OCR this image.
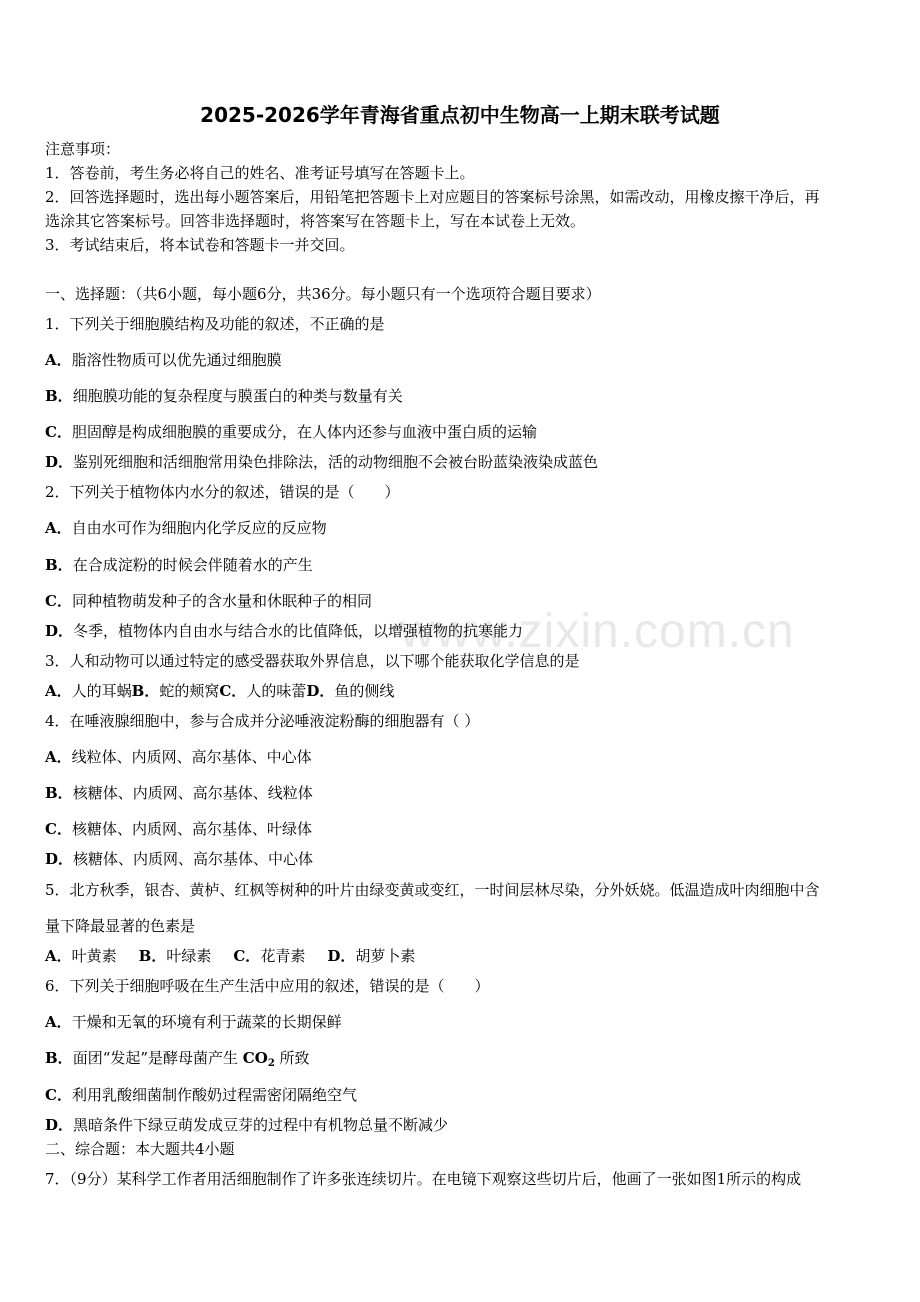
www.zixin.com.cn
2025-2026学年青海省重点初中生物高一上期末联考试题
注意事项：
1．答卷前，考生务必将自己的姓名、准考证号填写在答题卡上。
2．回答选择题时，选出每小题答案后，用铅笔把答题卡上对应题目的答案标号涂黑，如需改动，用橡皮擦干净后，再
选涂其它答案标号。回答非选择题时，将答案写在答题卡上，写在本试卷上无效。
3．考试结束后，将本试卷和答题卡一并交回。
一、选择题：（共6小题，每小题6分，共36分。每小题只有一个选项符合题目要求）
1．下列关于细胞膜结构及功能的叙述，不正确的是
A．脂溶性物质可以优先通过细胞膜
B．细胞膜功能的复杂程度与膜蛋白的种类与数量有关
C．胆固醇是构成细胞膜的重要成分，在人体内还参与血液中蛋白质的运输
D．鉴别死细胞和活细胞常用染色排除法，活的动物细胞不会被台盼蓝染液染成蓝色
2．下列关于植物体内水分的叙述，错误的是（　　）
A．自由水可作为细胞内化学反应的反应物
B．在合成淀粉的时候会伴随着水的产生
C．同种植物萌发种子的含水量和休眠种子的相同
D．冬季，植物体内自由水与结合水的比值降低，以增强植物的抗寒能力
3．人和动物可以通过特定的感受器获取外界信息，以下哪个能获取化学信息的是
A．人的耳蜗B．蛇的颊窝C．人的味蕾D．鱼的侧线
4．在唾液腺细胞中，参与合成并分泌唾液淀粉酶的细胞器有（ ）
A．线粒体、内质网、高尔基体、中心体
B．核糖体、内质网、高尔基体、线粒体
C．核糖体、内质网、高尔基体、叶绿体
D．核糖体、内质网、高尔基体、中心体
5．北方秋季，银杏、黄栌、红枫等树种的叶片由绿变黄或变红，一时间层林尽染，分外妖娆。低温造成叶肉细胞中含
量下降最显著的色素是
A．叶黄素 B．叶绿素 C．花青素 D．胡萝卜素
6．下列关于细胞呼吸在生产生活中应用的叙述，错误的是（　　）
A．干燥和无氧的环境有利于蔬菜的长期保鲜
B．面团“发起”是酵母菌产生 $CO_2$ 所致
C．利用乳酸细菌制作酸奶过程需密闭隔绝空气
D．黑暗条件下绿豆萌发成豆芽的过程中有机物总量不断减少
二、综合题：本大题共4小题
7．（9分）某科学工作者用活细胞制作了许多张连续切片。在电镜下观察这些切片后，他画了一张如图1所示的构成
